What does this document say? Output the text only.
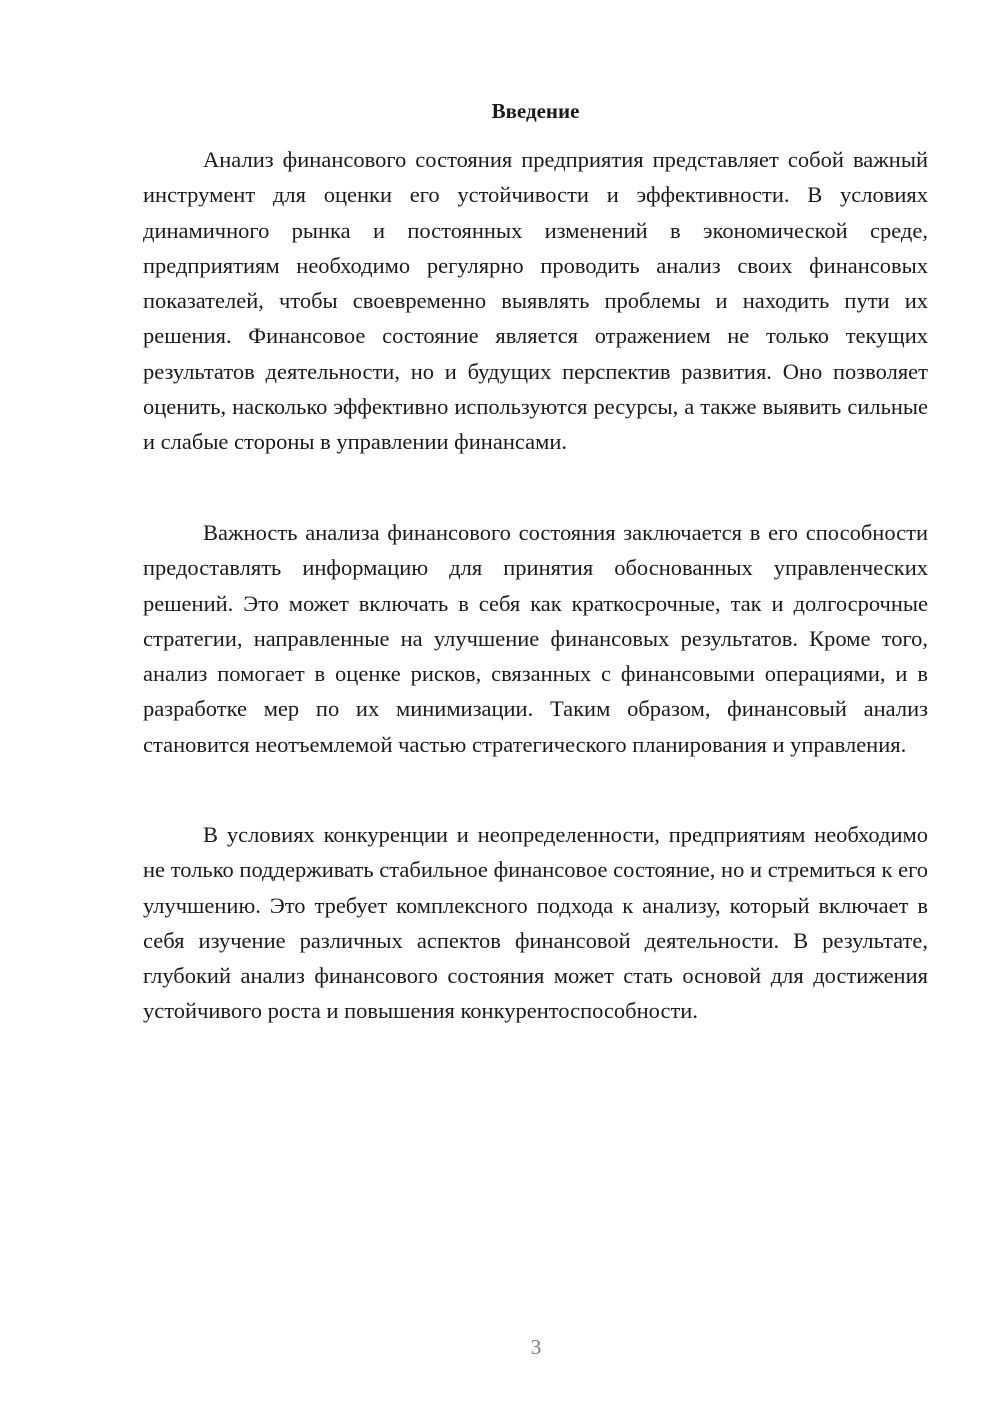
Введение

Анализ финансового состояния предприятия представляет собой важный инструмент для оценки его устойчивости и эффективности. В условиях динамичного рынка и постоянных изменений в экономической среде, предприятиям необходимо регулярно проводить анализ своих финансовых показателей, чтобы своевременно выявлять проблемы и находить пути их решения. Финансовое состояние является отражением не только текущих результатов деятельности, но и будущих перспектив развития. Оно позволяет оценить, насколько эффективно используются ресурсы, а также выявить сильные и слабые стороны в управлении финансами.

Важность анализа финансового состояния заключается в его способности предоставлять информацию для принятия обоснованных управленческих решений. Это может включать в себя как краткосрочные, так и долгосрочные стратегии, направленные на улучшение финансовых результатов. Кроме того, анализ помогает в оценке рисков, связанных с финансовыми операциями, и в разработке мер по их минимизации. Таким образом, финансовый анализ становится неотъемлемой частью стратегического планирования и управления.

В условиях конкуренции и неопределенности, предприятиям необходимо не только поддерживать стабильное финансовое состояние, но и стремиться к его улучшению. Это требует комплексного подхода к анализу, который включает в себя изучение различных аспектов финансовой деятельности. В результате, глубокий анализ финансового состояния может стать основой для достижения устойчивого роста и повышения конкурентоспособности.

3
